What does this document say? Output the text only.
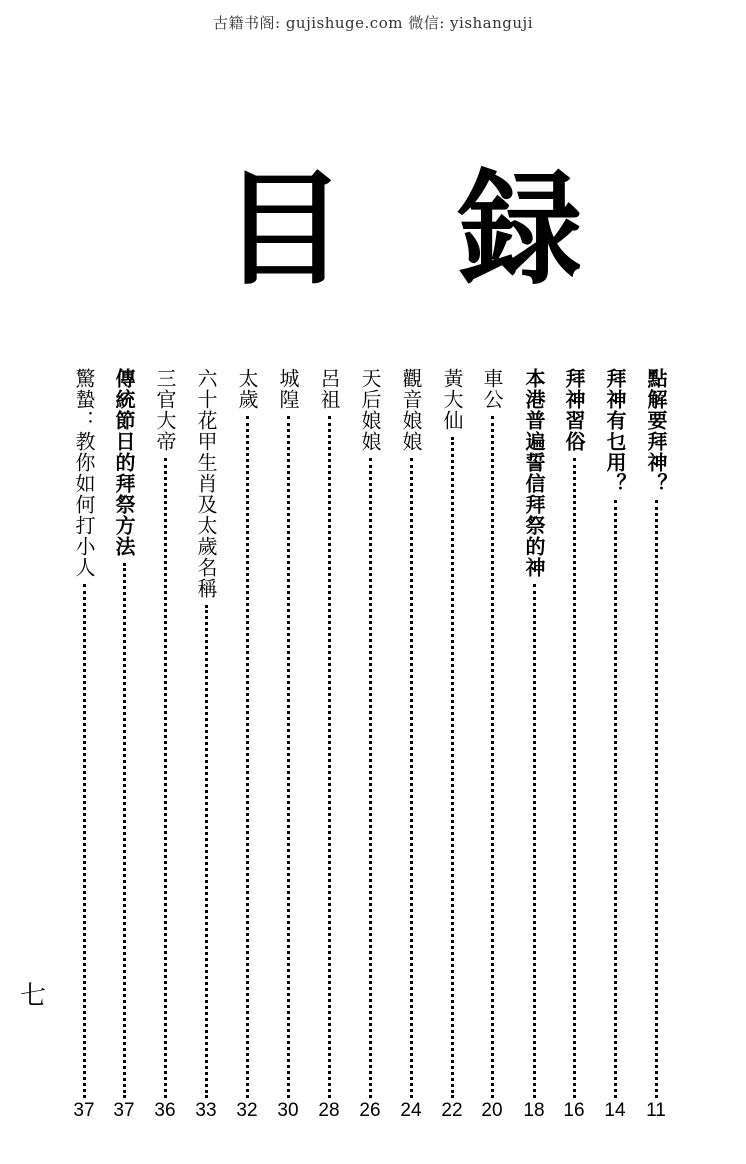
古籍书阁: gujishuge.com 微信: yishanguji
目 録
點解要拜神？
拜神有乜用？
拜神習俗
本港普遍誓信拜祭的神
車公
黃大仙
觀音娘娘
天后娘娘
呂祖
城隍
太歲
六十花甲生肖及太歲名稱
三官大帝
傳統節日的拜祭方法
驚蟄：教你如何打小人
11
14
16
18
20
22
24
26
28
30
32
33
36
37
37
七
